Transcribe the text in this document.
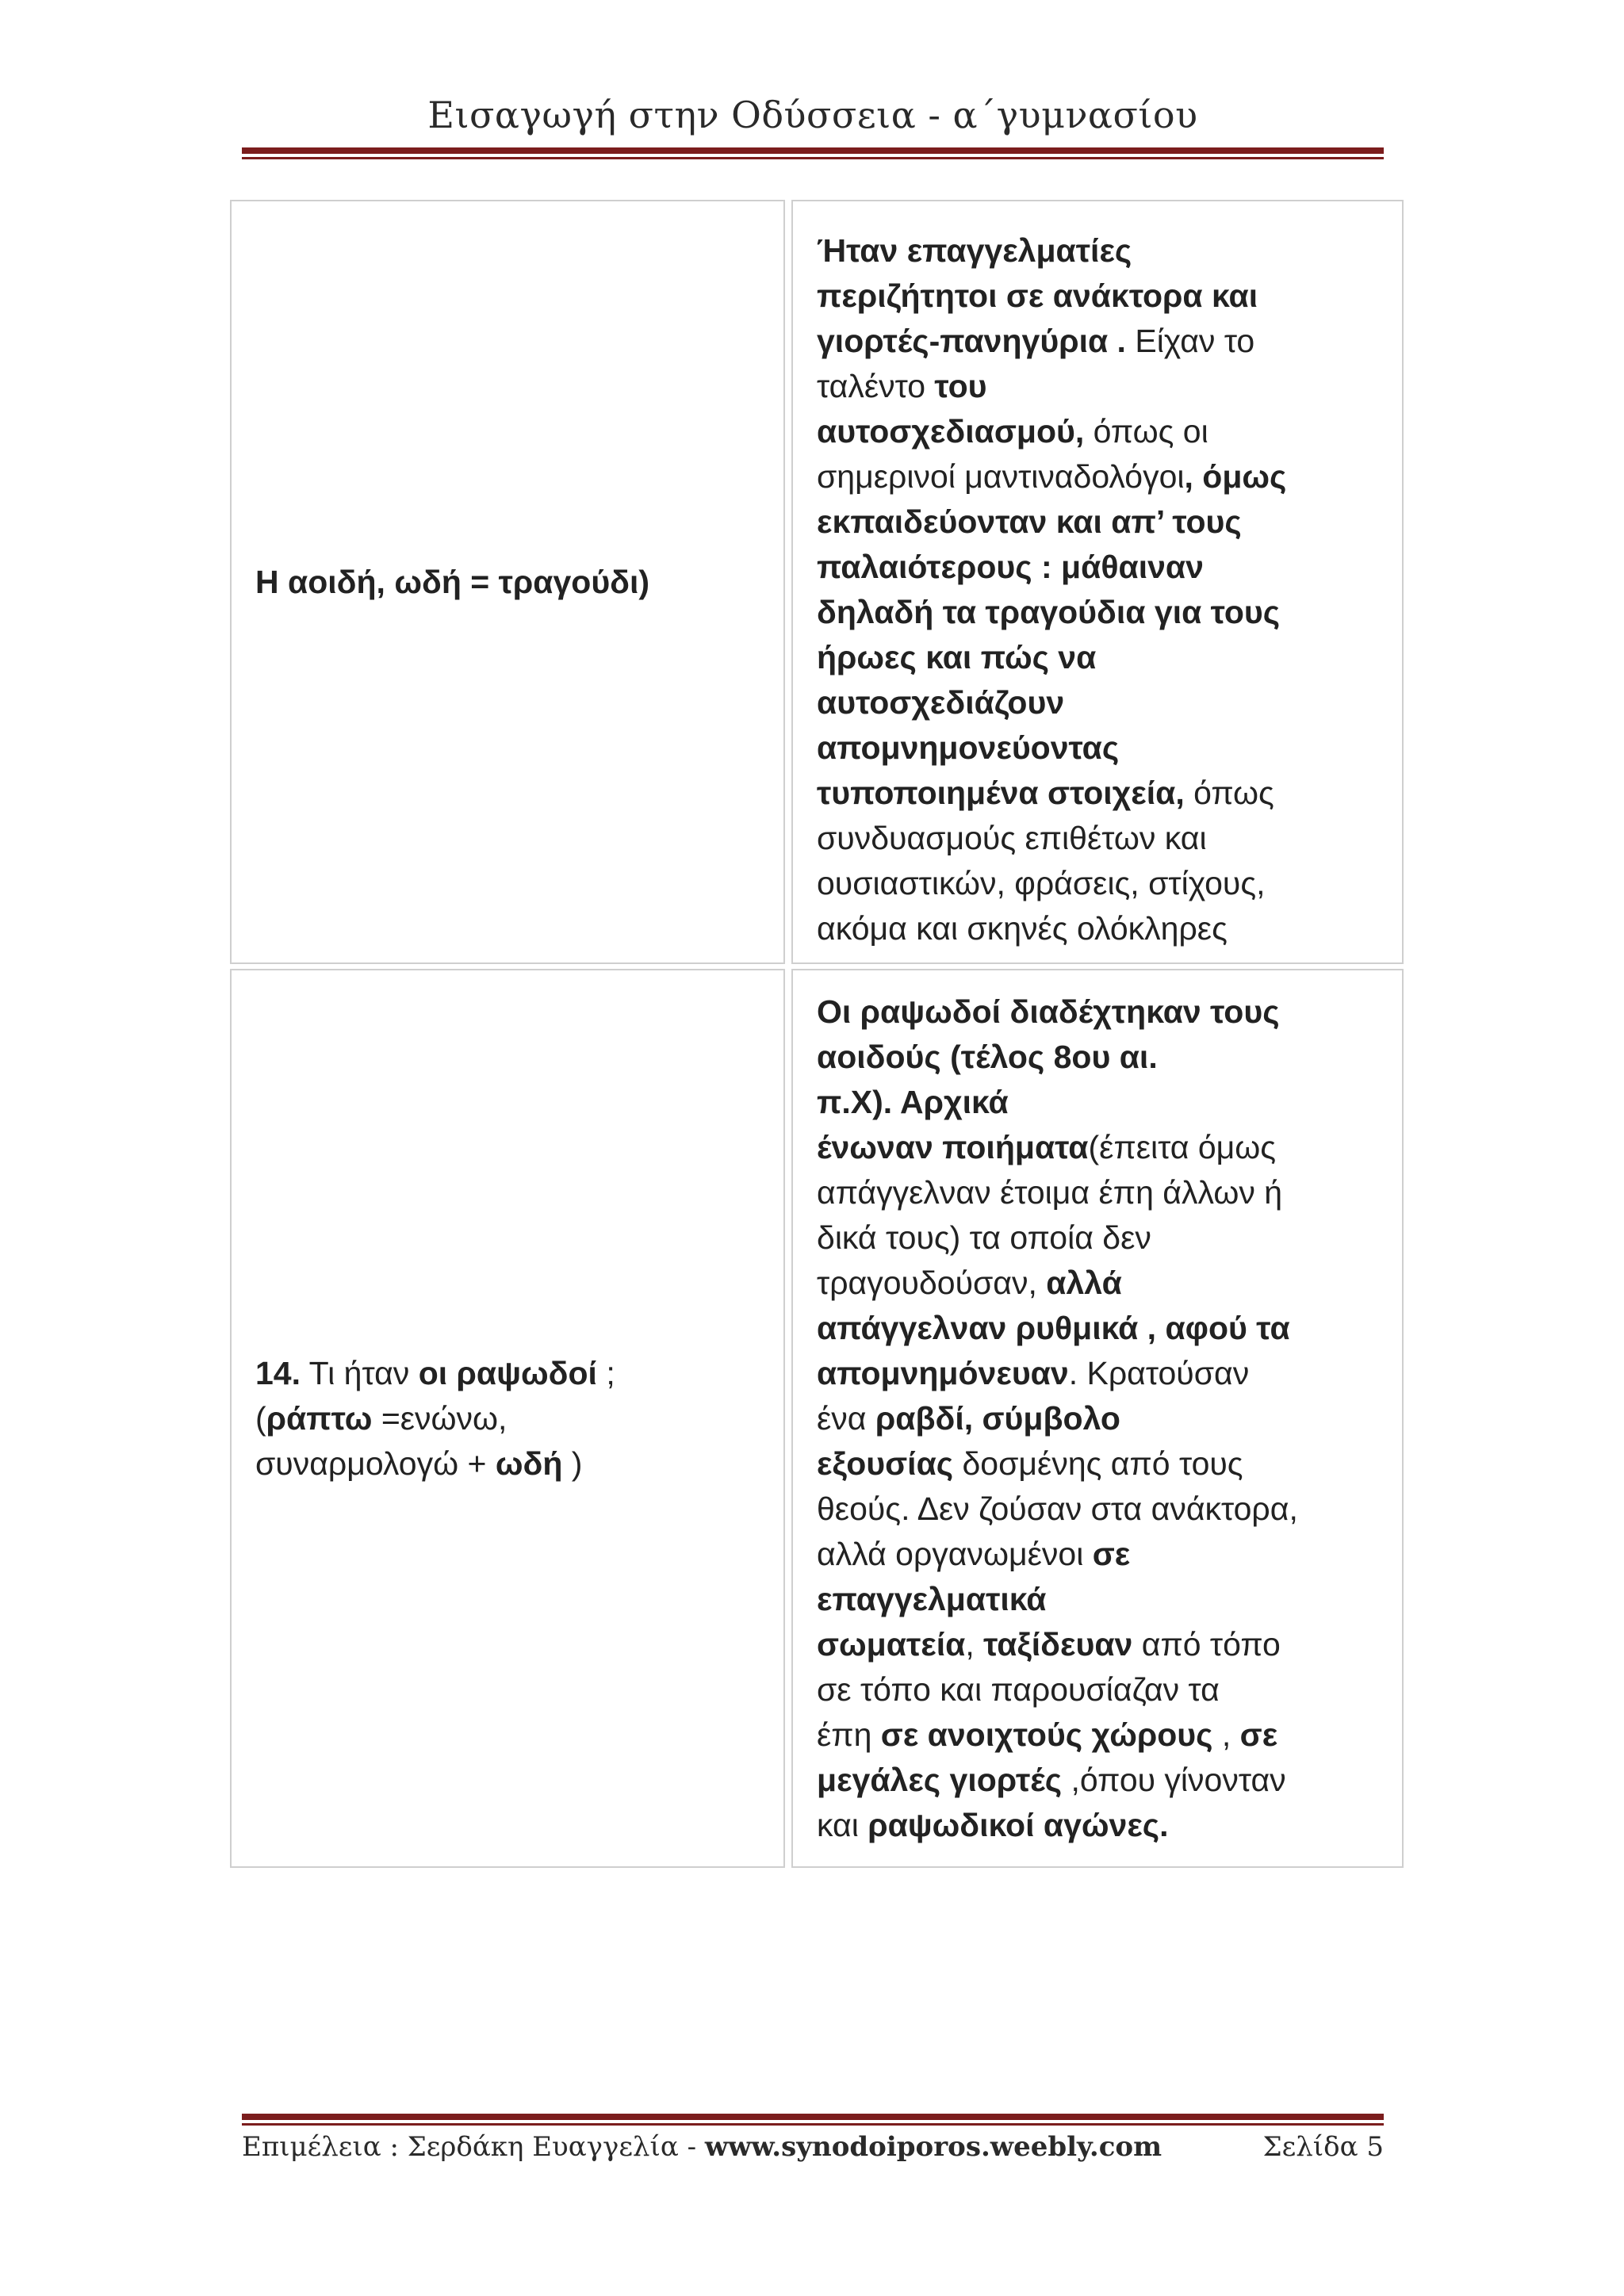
Εισαγωγή στην Οδύσσεια - α΄γυμνασίου
Η αοιδή, ωδή = τραγούδι)
Ήταν επαγγελματίες
περιζήτητοι σε ανάκτορα και
γιορτές-πανηγύρια . Είχαν το
ταλέντο του
αυτοσχεδιασμού, όπως οι
σημερινοί μαντιναδολόγοι, όμως
εκπαιδεύονταν και απ’ τους
παλαιότερους : μάθαιναν
δηλαδή τα τραγούδια για τους
ήρωες και πώς να
αυτοσχεδιάζουν
απομνημονεύοντας
τυποποιημένα στοιχεία, όπως
συνδυασμούς επιθέτων και
ουσιαστικών, φράσεις, στίχους,
ακόμα και σκηνές ολόκληρες
14. Τι ήταν οι ραψωδοί ;
(ράπτω =ενώνω,
συναρμολογώ + ωδή )
Οι ραψωδοί διαδέχτηκαν τους
αοιδούς (τέλος 8ου αι.
π.Χ). Αρχικά
ένωναν ποιήματα(έπειτα όμως
απάγγελναν έτοιμα έπη άλλων ή
δικά τους) τα οποία δεν
τραγουδούσαν, αλλά
απάγγελναν ρυθμικά , αφού τα
απομνημόνευαν. Κρατούσαν
ένα ραβδί, σύμβολο
εξουσίας δοσμένης από τους
θεούς. Δεν ζούσαν στα ανάκτορα,
αλλά οργανωμένοι σε
επαγγελματικά
σωματεία, ταξίδευαν από τόπο
σε τόπο και παρουσίαζαν τα
έπη σε ανοιχτούς χώρους , σε
μεγάλες γιορτές ,όπου γίνονταν
και ραψωδικοί αγώνες.
Επιμέλεια : Σερδάκη Ευαγγελία - www.synodoiporos.weebly.com	Σελίδα 5
